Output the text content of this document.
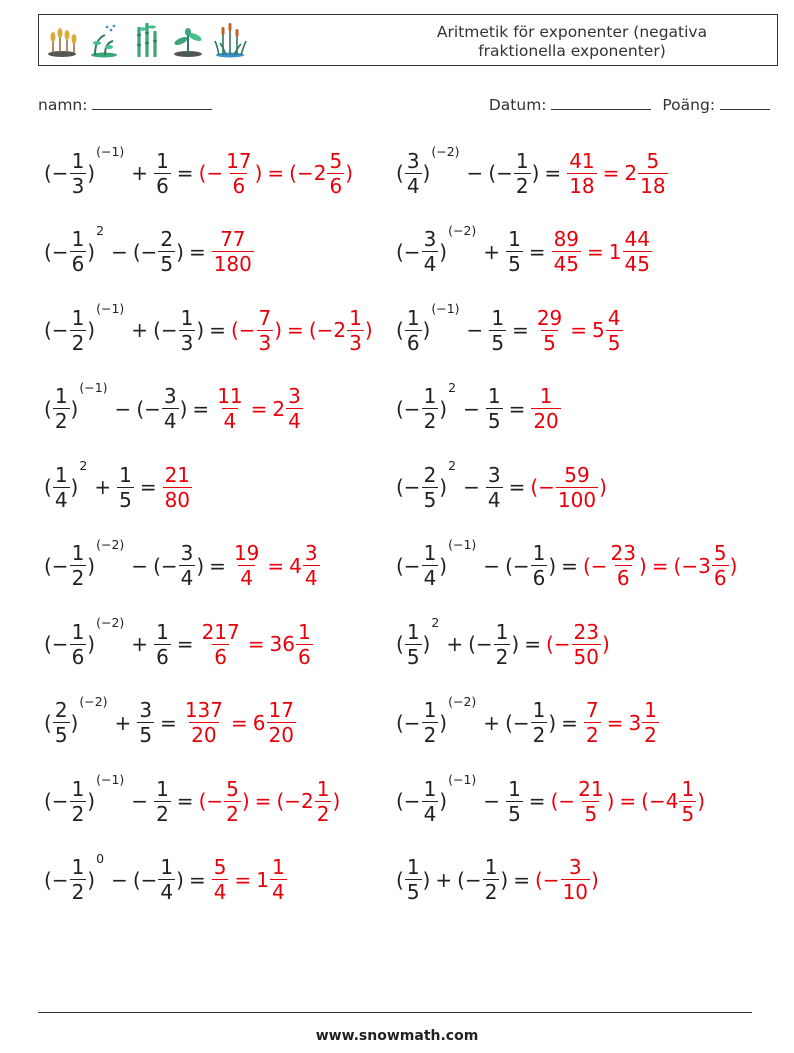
Aritmetik för exponenter (negativa
fraktionella exponenter)
namn:	Datum:	Poäng:
(− $\frac{1}{3}$ )
(−1)
+ $\frac{1}{6}$ = (− $\frac{17}{6}$ ) = ($-2 \frac{5}{6}$ ) ( $\frac{3}{4}$ )
(−2)
− (− $\frac{1}{2}$ ) = $\frac{41}{18} = 2 \frac{5}{18}$
(− $\frac{1}{6}$ )
2
− (− $\frac{2}{5}$ ) = $\frac{77}{180}$	(− $\frac{3}{4}$ )
(−2)
+ $\frac{1}{5} = \frac{89}{45} = 1 \frac{44}{45}$
(− $\frac{1}{2}$ )
(−1)
+ (− $\frac{1}{3}$ ) = (− $\frac{7}{3}$ ) = ($-2 \frac{1}{3}$ ) ( $\frac{1}{6}$ )
(−1)
− $\frac{1}{5} = \frac{29}{5} = 5 \frac{4}{5}$
( $\frac{1}{2}$ )
(−1)
− (− $\frac{3}{4}$ ) = $\frac{11}{4} = 2 \frac{3}{4}$	(− $\frac{1}{2}$ )
2
− $\frac{1}{5} = \frac{1}{20}$
( $\frac{1}{4}$ )
2
+ $\frac{1}{5} = \frac{21}{80}$	(− $\frac{2}{5}$ )
2
− $\frac{3}{4}$ = (− $\frac{59}{100}$ )
(− $\frac{1}{2}$ )
(−2)
− (− $\frac{3}{4}$ ) = $\frac{19}{4} = 4 \frac{3}{4}$	(− $\frac{1}{4}$ )
(−1)
− (− $\frac{1}{6}$ ) = (− $\frac{23}{6}$ ) = ($-3 \frac{5}{6}$ )
(− $\frac{1}{6}$ )
(−2)
+ $\frac{1}{6} = \frac{217}{6} = 36 \frac{1}{6}$	( $\frac{1}{5}$ )
2
+ (− $\frac{1}{2}$ ) = (− $\frac{23}{50}$ )
( $\frac{2}{5}$ )
(−2)
+ $\frac{3}{5} = \frac{137}{20} = 6 \frac{17}{20}$	(− $\frac{1}{2}$ )
(−2)
+ (− $\frac{1}{2}$ ) = $\frac{7}{2} = 3 \frac{1}{2}$
(− $\frac{1}{2}$ )
(−1)
− $\frac{1}{2}$ = (− $\frac{5}{2}$ ) = ($-2 \frac{1}{2}$ )	(− $\frac{1}{4}$ )
(−1)
− $\frac{1}{5}$ = (− $\frac{21}{5}$ ) = ($-4 \frac{1}{5}$ )
(− $\frac{1}{2}$ )
0
− (− $\frac{1}{4}$ ) = $\frac{5}{4} = 1 \frac{1}{4}$	( $\frac{1}{5}$ ) + (− $\frac{1}{2}$ ) = (− $\frac{3}{10}$ )
www.snowmath.com
